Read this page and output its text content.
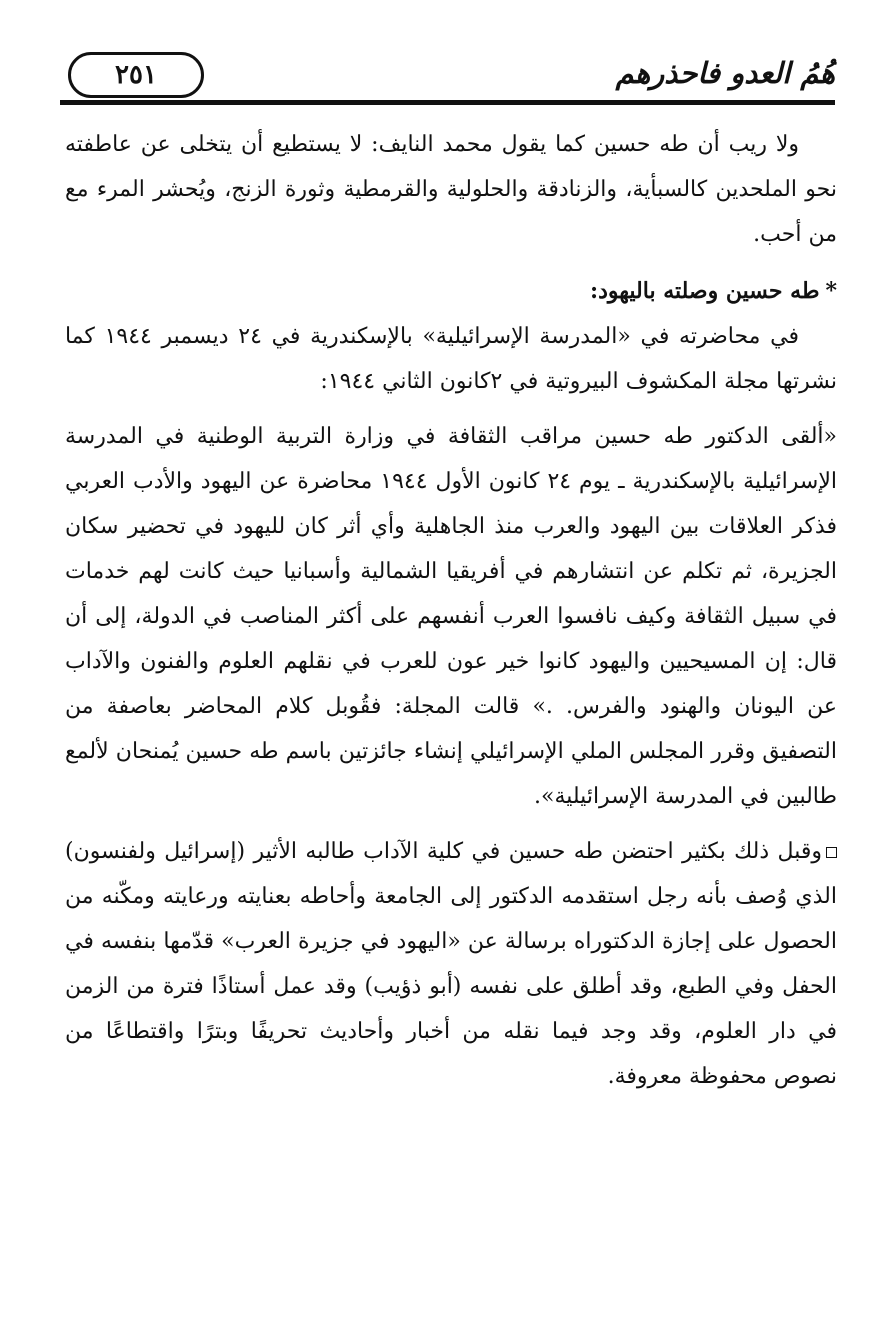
٢٥١	هُمُ العدو فاحذرهم

ولا ريب أن طه حسين كما يقول محمد النايف: لا يستطيع أن يتخلى عن عاطفته نحو الملحدين كالسبأية، والزنادقة والحلولية والقرمطية وثورة الزنج، ويُحشر المرء مع من أحب.

*طه حسين وصلته باليهود:

في محاضرته في «المدرسة الإسرائيلية» بالإسكندرية في ٢٤ ديسمبر ١٩٤٤ كما نشرتها مجلة المكشوف البيروتية في ٢كانون الثاني ١٩٤٤:

«ألقى الدكتور طه حسين مراقب الثقافة في وزارة التربية الوطنية في المدرسة الإسرائيلية بالإسكندرية ـ يوم ٢٤ كانون الأول ١٩٤٤ محاضرة عن اليهود والأدب العربي فذكر العلاقات بين اليهود والعرب منذ الجاهلية وأي أثر كان لليهود في تحضير سكان الجزيرة، ثم تكلم عن انتشارهم في أفريقيا الشمالية وأسبانيا حيث كانت لهم خدمات في سبيل الثقافة وكيف نافسوا العرب أنفسهم على أكثر المناصب في الدولة، إلى أن قال: إن المسيحيين واليهود كانوا خير عون للعرب في نقلهم العلوم والفنون والآداب عن اليونان والهنود والفرس. .» قالت المجلة: فقُوبل كلام المحاضر بعاصفة من التصفيق وقرر المجلس الملي الإسرائيلي إنشاء جائزتين باسم طه حسين يُمنحان لألمع طالبين في المدرسة الإسرائيلية».

وقبل ذلك بكثير احتضن طه حسين في كلية الآداب طالبه الأثير (إسرائيل ولفنسون) الذي وُصف بأنه رجل استقدمه الدكتور إلى الجامعة وأحاطه بعنايته ورعايته ومكّنه من الحصول على إجازة الدكتوراه برسالة عن «اليهود في جزيرة العرب» قدّمها بنفسه في الحفل وفي الطبع، وقد أطلق على نفسه (أبو ذؤيب) وقد عمل أستاذًا فترة من الزمن في دار العلوم، وقد وجد فيما نقله من أخبار وأحاديث تحريفًا وبترًا واقتطاعًا من نصوص محفوظة معروفة.
